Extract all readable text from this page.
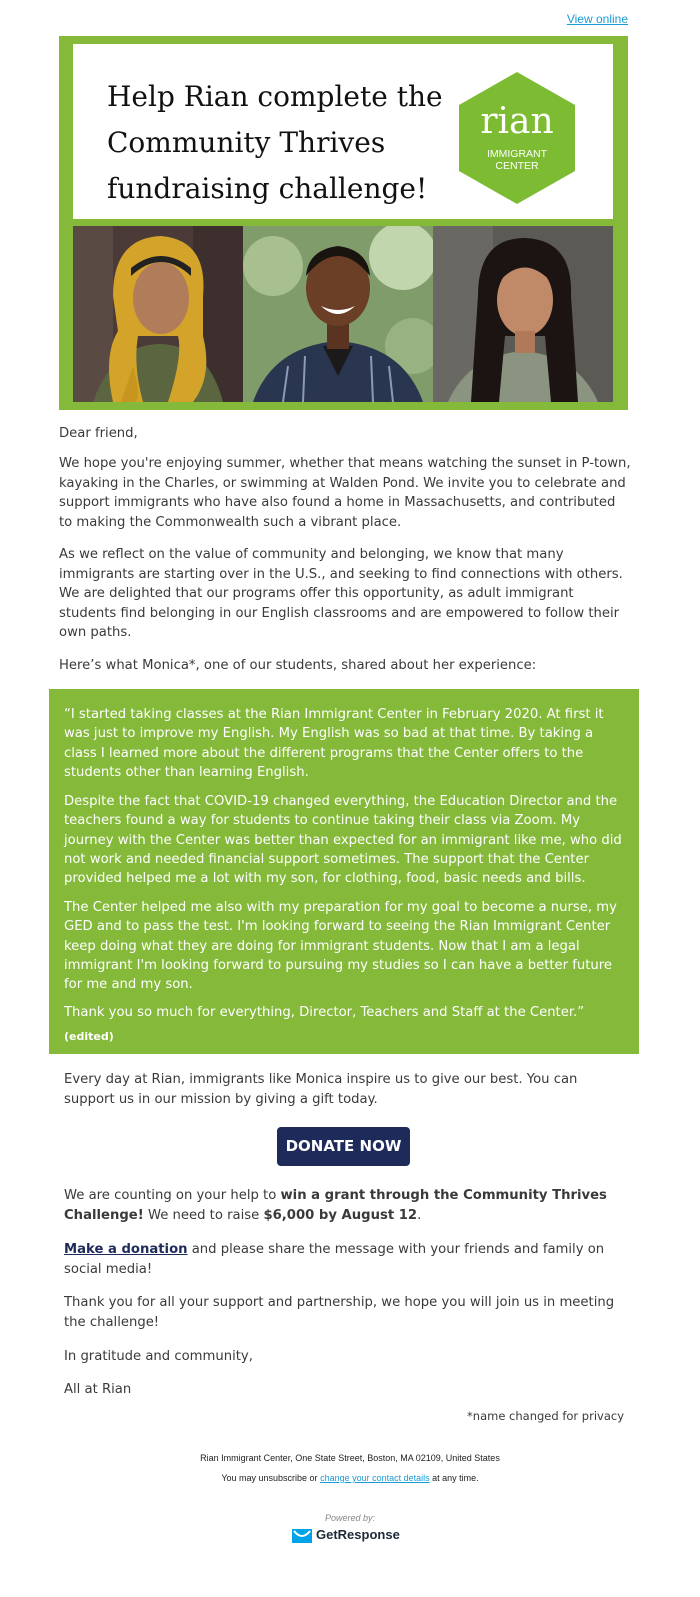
View online
Help Rian complete the
Community Thrives
fundraising challenge!
rian
IMMIGRANT
CENTER
Dear friend,
We hope you're enjoying summer, whether that means watching the sunset in P-town, kayaking in the Charles, or swimming at Walden Pond. We invite you to celebrate and support immigrants who have also found a home in Massachusetts, and contributed to making the Commonwealth such a vibrant place.
As we reflect on the value of community and belonging, we know that many immigrants are starting over in the U.S., and seeking to find connections with others. We are delighted that our programs offer this opportunity, as adult immigrant students find belonging in our English classrooms and are empowered to follow their own paths.
Here’s what Monica*, one of our students, shared about her experience:

“I started taking classes at the Rian Immigrant Center in February 2020. At first it was just to improve my English. My English was so bad at that time. By taking a class I learned more about the different programs that the Center offers to the students other than learning English.

Despite the fact that COVID-19 changed everything, the Education Director and the teachers found a way for students to continue taking their class via Zoom. My journey with the Center was better than expected for an immigrant like me, who did not work and needed financial support sometimes. The support that the Center provided helped me a lot with my son, for clothing, food, basic needs and bills.

The Center helped me also with my preparation for my goal to become a nurse, my GED and to pass the test. I'm looking forward to seeing the Rian Immigrant Center keep doing what they are doing for immigrant students. Now that I am a legal immigrant I'm looking forward to pursuing my studies so I can have a better future for me and my son.

Thank you so much for everything, Director, Teachers and Staff at the Center.”

(edited)

Every day at Rian, immigrants like Monica inspire us to give our best. You can support us in our mission by giving a gift today.
DONATE NOW
We are counting on your help to win a grant through the Community Thrives Challenge! We need to raise $6,000 by August 12.
Make a donation and please share the message with your friends and family on social media!
Thank you for all your support and partnership, we hope you will join us in meeting the challenge!
In gratitude and community,
All at Rian
*name changed for privacy
Rian Immigrant Center, One State Street, Boston, MA 02109, United States
You may unsubscribe or change your contact details at any time.
Powered by:
GetResponse
